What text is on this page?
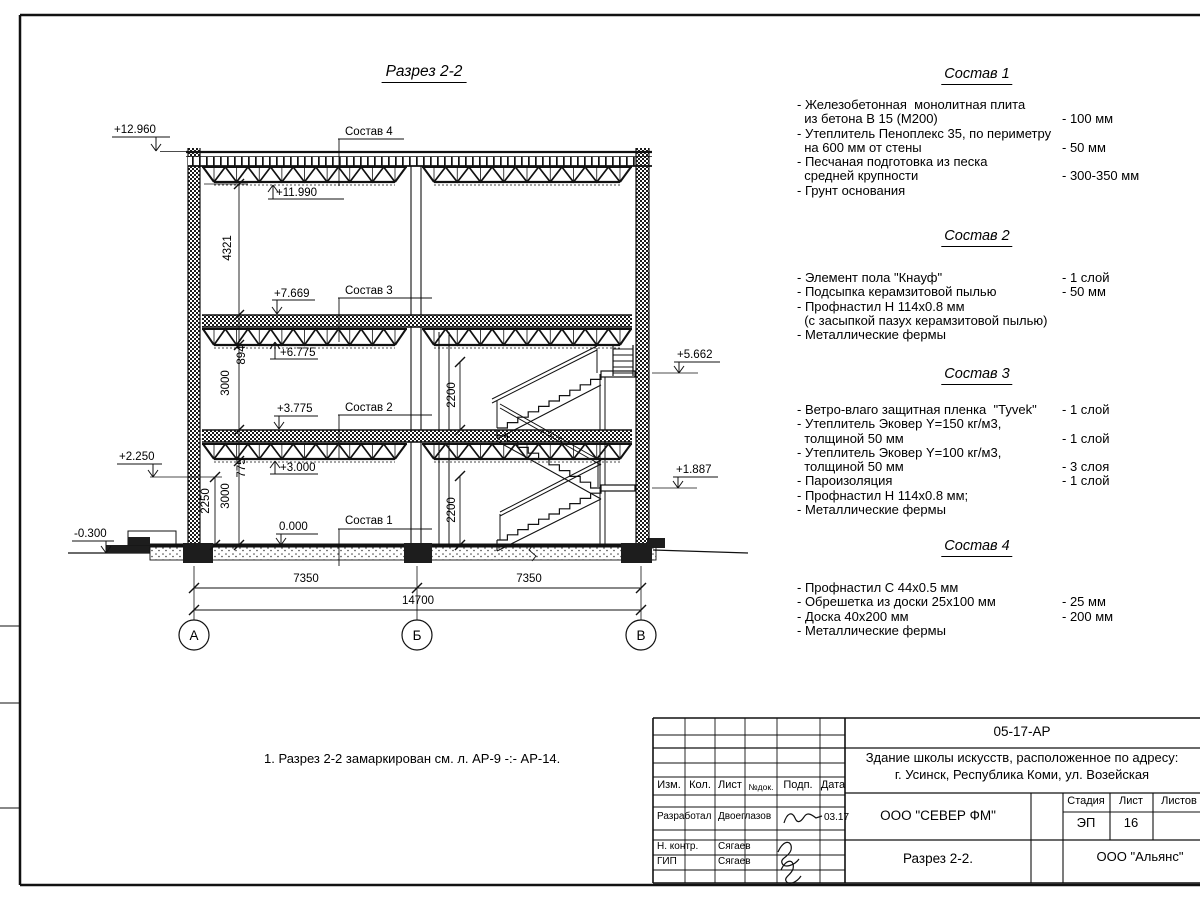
Разрез 2-2
Состав 4
Состав 3
Состав 2
Состав 1
+12.960
+11.990
+7.669
+6.775
+3.775
+3.000
+2.250
0.000
-0.300
+5.662
+1.887
4321
894
3000
775
3000
2250
2200
2200
7350	7350
14700
А	Б	В
1. Разрез 2-2 замаркирован см. л. АР-9 -:- АР-14.
Состав 1
- Железобетонная  монолитная плита
из бетона В 15 (М200)	- 100 мм
- Утеплитель Пеноплекс 35, по периметру
на 600 мм от стены	- 50 мм
- Песчаная подготовка из песка
средней крупности	- 300-350 мм
- Грунт основания
Состав 2
- Элемент пола "Кнауф"	- 1 слой
- Подсыпка керамзитовой пылью	- 50 мм
- Профнастил Н 114х0.8 мм
(с засыпкой пазух керамзитовой пылью)
- Металлические фермы
Состав 3
- Ветро-влаго защитная пленка  "Tyvek" - 1 слой
- Утеплитель Эковер Y=150 кг/м3,
толщиной 50 мм	- 1 слой
- Утеплитель Эковер Y=100 кг/м3,
толщиной 50 мм	- 3 слоя
- Пароизоляция	- 1 слой
- Профнастил Н 114х0.8 мм;
- Металлические фермы
Состав 4
- Профнастил С 44х0.5 мм
- Обрешетка из доски 25х100 мм	- 25 мм
- Доска 40х200 мм	- 200 мм
- Металлические фермы
05-17-АР
Здание школы искусств, расположенное по адресу:
г. Усинск, Республика Коми, ул. Возейская
ООО "СЕВЕР ФМ"
Стадия Лист Листов
ЭП 16
Разрез 2-2.	ООО "Альянс"
Изм. Кол. Лист №док. Подп. Дата
Разработал Двоеглазов	03.17
Н. контр. Сягаев
ГИП	Сягаев
